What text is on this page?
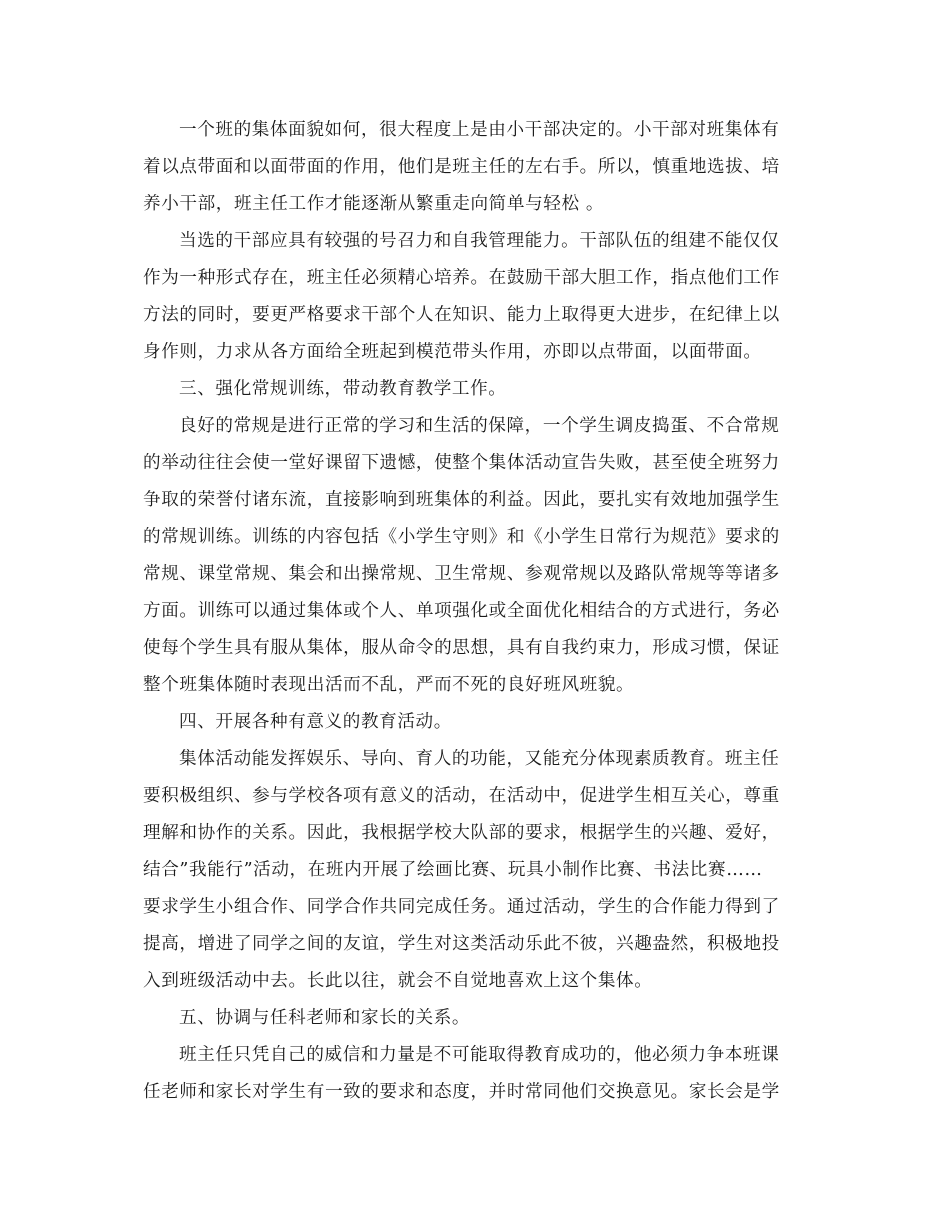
一个班的集体面貌如何，很大程度上是由小干部决定的。小干部对班集体有
着以点带面和以面带面的作用，他们是班主任的左右手。所以，慎重地选拔、培
养小干部，班主任工作才能逐渐从繁重走向简单与轻松 。
当选的干部应具有较强的号召力和自我管理能力。干部队伍的组建不能仅仅
作为一种形式存在，班主任必须精心培养。在鼓励干部大胆工作，指点他们工作
方法的同时，要更严格要求干部个人在知识、能力上取得更大进步，在纪律上以
身作则，力求从各方面给全班起到模范带头作用，亦即以点带面，以面带面。
三、强化常规训练，带动教育教学工作。
良好的常规是进行正常的学习和生活的保障，一个学生调皮捣蛋、不合常规
的举动往往会使一堂好课留下遗憾，使整个集体活动宣告失败，甚至使全班努力
争取的荣誉付诸东流，直接影响到班集体的利益。因此，要扎实有效地加强学生
的常规训练。训练的内容包括《小学生守则》和《小学生日常行为规范》要求的
常规、课堂常规、集会和出操常规、卫生常规、参观常规以及路队常规等等诸多
方面。训练可以通过集体或个人、单项强化或全面优化相结合的方式进行，务必
使每个学生具有服从集体，服从命令的思想，具有自我约束力，形成习惯，保证
整个班集体随时表现出活而不乱，严而不死的良好班风班貌。
四、开展各种有意义的教育活动。
集体活动能发挥娱乐、导向、育人的功能，又能充分体现素质教育。班主任
要积极组织、参与学校各项有意义的活动，在活动中，促进学生相互关心，尊重
理解和协作的关系。因此，我根据学校大队部的要求，根据学生的兴趣、爱好，
结合”我能行”活动，在班内开展了绘画比赛、玩具小制作比赛、书法比赛……
要求学生小组合作、同学合作共同完成任务。通过活动，学生的合作能力得到了
提高，增进了同学之间的友谊，学生对这类活动乐此不彼，兴趣盎然，积极地投
入到班级活动中去。长此以往，就会不自觉地喜欢上这个集体。
五、协调与任科老师和家长的关系。
班主任只凭自己的威信和力量是不可能取得教育成功的，他必须力争本班课
任老师和家长对学生有一致的要求和态度，并时常同他们交换意见。家长会是学
